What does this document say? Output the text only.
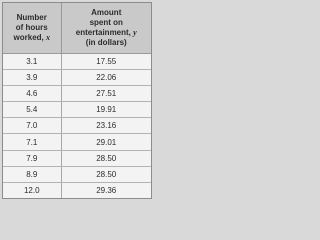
Number
of hours
worked, x	Amount
spent on
entertainment, y
(in dollars)
3.1	17.55
3.9	22.06
4.6	27.51
5.4	19.91
7.0	23.16
7.1	29.01
7.9	28.50
8.9	28.50
12.0	29.36
